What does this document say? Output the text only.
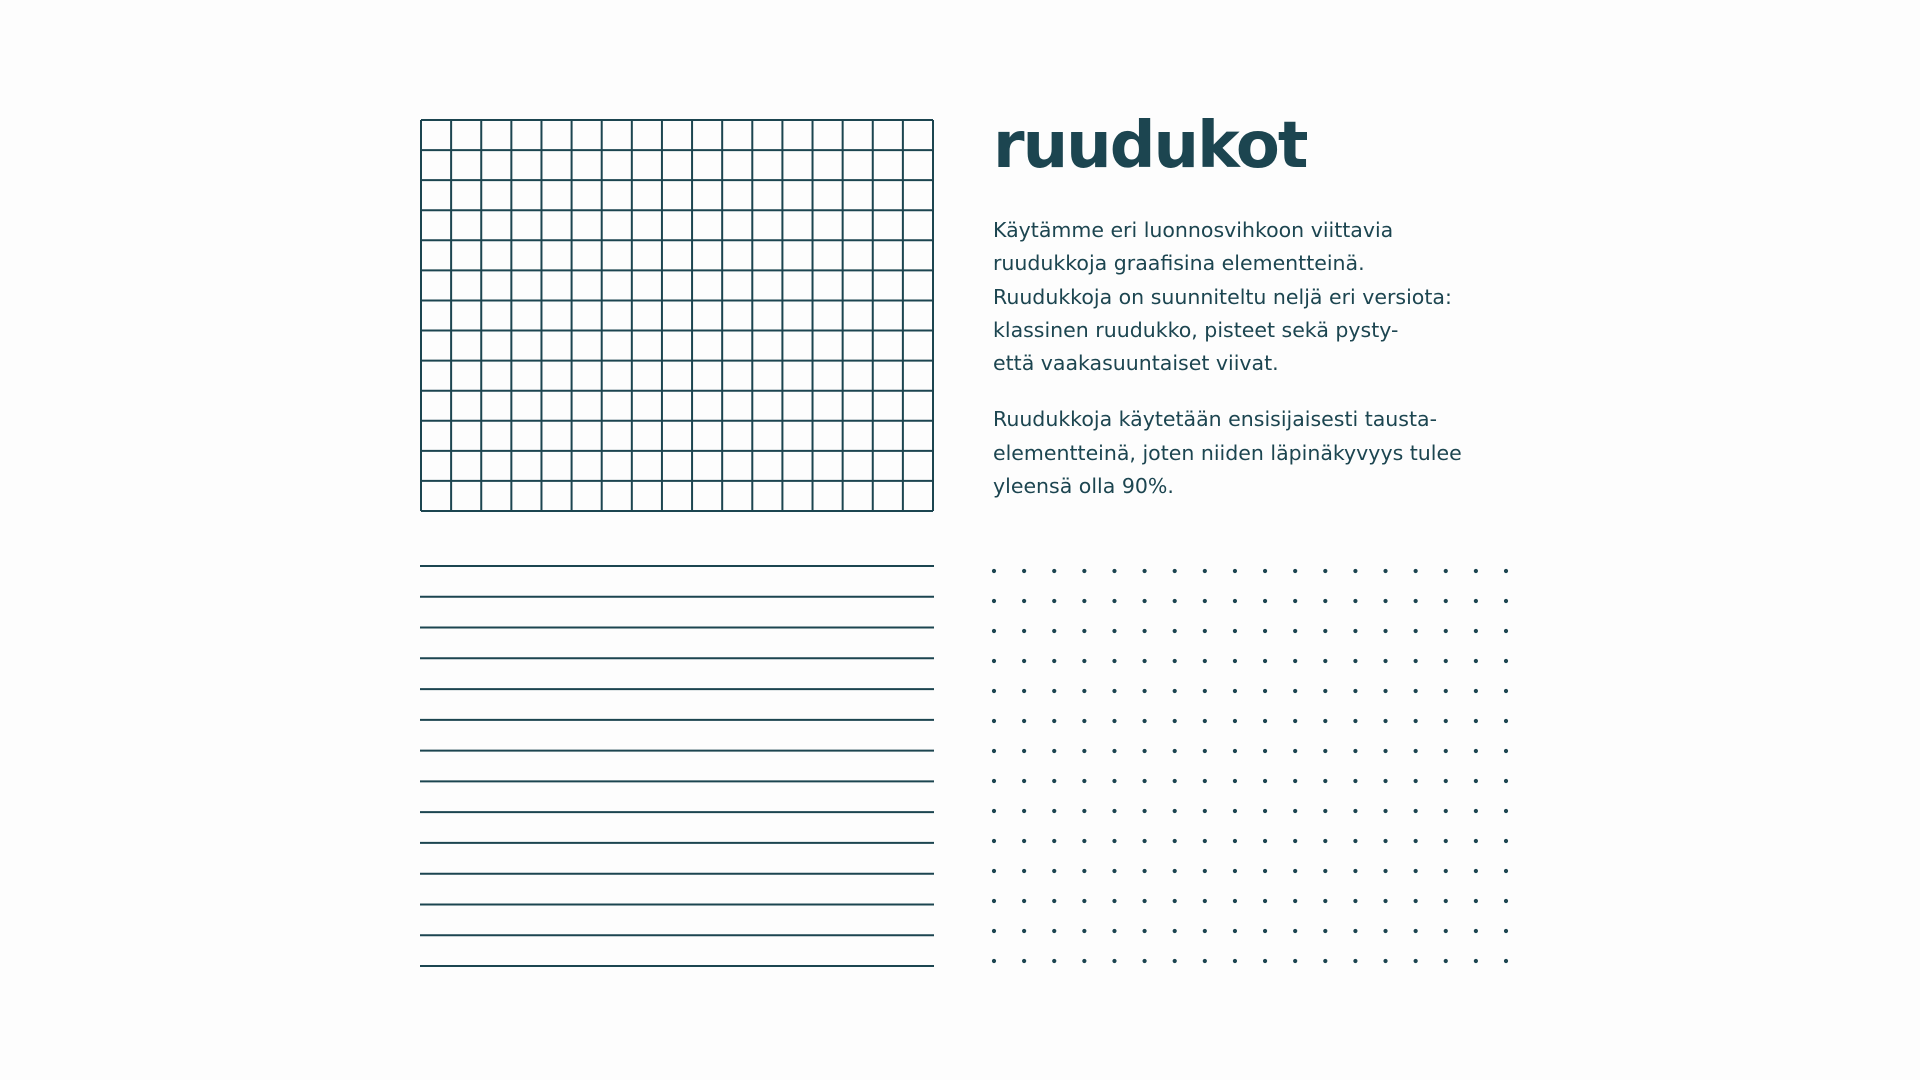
ruudukot

Käytämme eri luonnosvihkoon viittavia
ruudukkoja graafisina elementteinä.
Ruudukkoja on suunniteltu neljä eri versiota:
klassinen ruudukko, pisteet sekä pysty-
että vaakasuuntaiset viivat.

Ruudukkoja käytetään ensisijaisesti tausta-
elementteinä, joten niiden läpinäkyvyys tulee
yleensä olla 90%.
